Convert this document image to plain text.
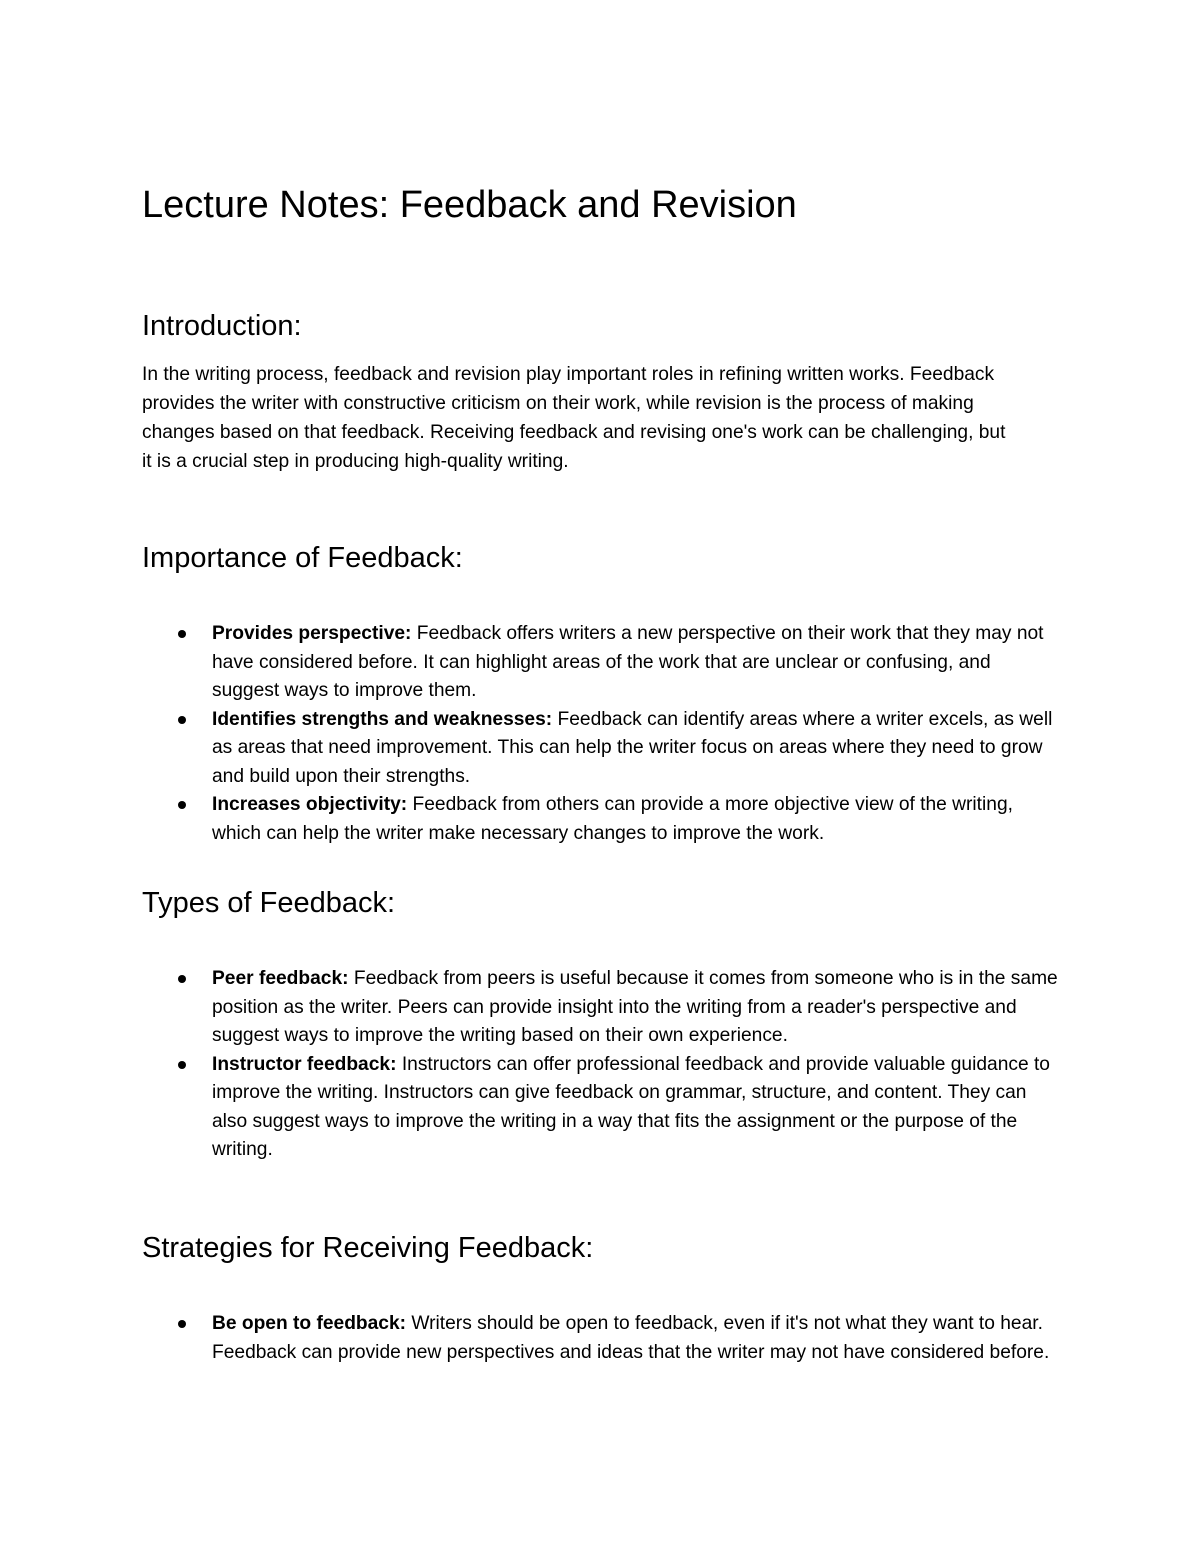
Lecture Notes: Feedback and Revision
Introduction:

In the writing process, feedback and revision play important roles in refining written works. Feedback provides the writer with constructive criticism on their work, while revision is the process of making changes based on that feedback. Receiving feedback and revising one's work can be challenging, but it is a crucial step in producing high-quality writing.

Importance of Feedback:
Provides perspective: Feedback offers writers a new perspective on their work that they may not have considered before. It can highlight areas of the work that are unclear or confusing, and suggest ways to improve them.
Identifies strengths and weaknesses: Feedback can identify areas where a writer excels, as well as areas that need improvement. This can help the writer focus on areas where they need to grow and build upon their strengths.
Increases objectivity: Feedback from others can provide a more objective view of the writing, which can help the writer make necessary changes to improve the work.
Types of Feedback:
Peer feedback: Feedback from peers is useful because it comes from someone who is in the same position as the writer. Peers can provide insight into the writing from a reader's perspective and suggest ways to improve the writing based on their own experience.
Instructor feedback: Instructors can offer professional feedback and provide valuable guidance to improve the writing. Instructors can give feedback on grammar, structure, and content. They can also suggest ways to improve the writing in a way that fits the assignment or the purpose of the writing.
Strategies for Receiving Feedback:
Be open to feedback: Writers should be open to feedback, even if it's not what they want to hear. Feedback can provide new perspectives and ideas that the writer may not have considered before.
